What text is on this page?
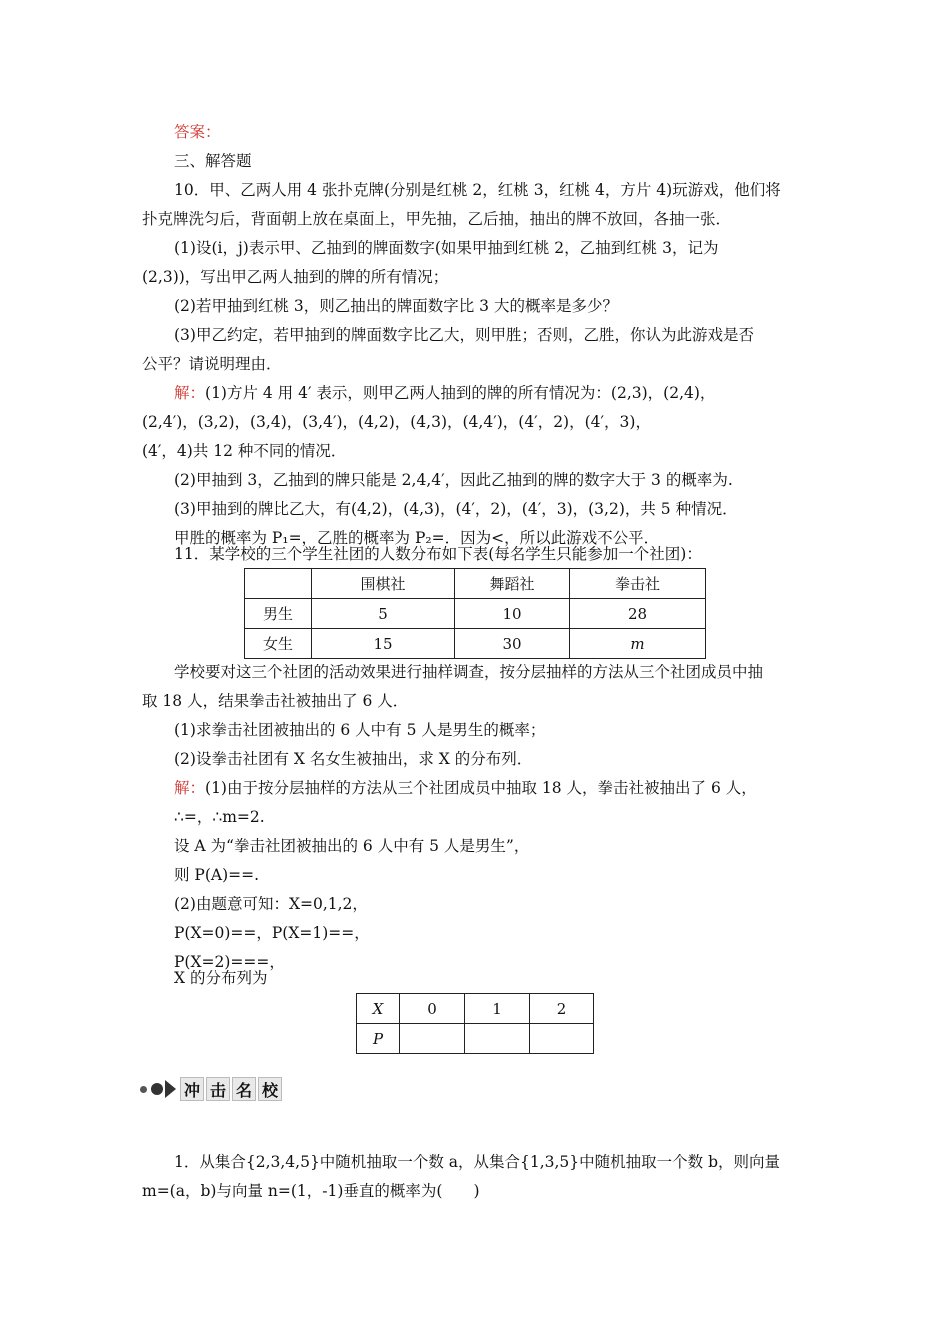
答案：
三、解答题
10．甲、乙两人用 4 张扑克牌(分别是红桃 2，红桃 3，红桃 4，方片 4)玩游戏，他们将
扑克牌洗匀后，背面朝上放在桌面上，甲先抽，乙后抽，抽出的牌不放回，各抽一张．
(1)设(i，j)表示甲、乙抽到的牌面数字(如果甲抽到红桃 2，乙抽到红桃 3，记为
(2,3))，写出甲乙两人抽到的牌的所有情况；
(2)若甲抽到红桃 3，则乙抽出的牌面数字比 3 大的概率是多少？
(3)甲乙约定，若甲抽到的牌面数字比乙大，则甲胜；否则，乙胜，你认为此游戏是否
公平？请说明理由．
解：(1)方片 4 用 4′ 表示，则甲乙两人抽到的牌的所有情况为：(2,3)，(2,4)，
(2,4′)，(3,2)，(3,4)，(3,4′)，(4,2)，(4,3)，(4,4′)，(4′，2)，(4′，3)，
(4′，4)共 12 种不同的情况．
(2)甲抽到 3，乙抽到的牌只能是 2,4,4′，因此乙抽到的牌的数字大于 3 的概率为.
(3)甲抽到的牌比乙大，有(4,2)，(4,3)，(4′，2)，(4′，3)，(3,2)，共 5 种情况．
甲胜的概率为 P₁=，乙胜的概率为 P₂=．因为<，所以此游戏不公平．
11．某学校的三个学生社团的人数分布如下表(每名学生只能参加一个社团)：
	围棋社	舞蹈社	拳击社
男生	5	10	28
女生	15	30	m
学校要对这三个社团的活动效果进行抽样调查，按分层抽样的方法从三个社团成员中抽
取 18 人，结果拳击社被抽出了 6 人．
(1)求拳击社团被抽出的 6 人中有 5 人是男生的概率；
(2)设拳击社团有 X 名女生被抽出，求 X 的分布列．
解：(1)由于按分层抽样的方法从三个社团成员中抽取 18 人，拳击社被抽出了 6 人，
∴=，∴m=2.
设 A 为“拳击社团被抽出的 6 人中有 5 人是男生”，
则 P(A)==.
(2)由题意可知：X=0,1,2，
P(X=0)==，P(X=1)==，
P(X=2)===，
X 的分布列为
X	0	1	2
P			
冲 击 名 校
1．从集合{2,3,4,5}中随机抽取一个数 a，从集合{1,3,5}中随机抽取一个数 b，则向量
m=(a，b)与向量 n=(1，-1)垂直的概率为(　　)
